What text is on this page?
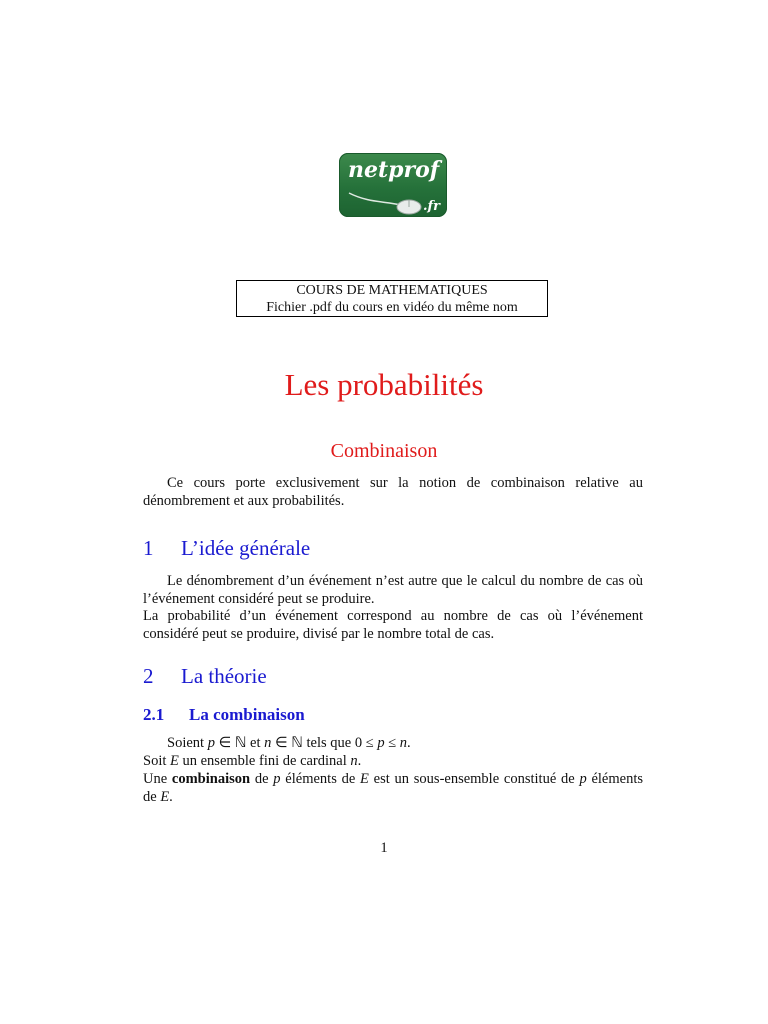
netprof
.fr
COURS DE MATHEMATIQUES
Fichier .pdf du cours en vidéo du même nom
Les probabilités
Combinaison
Ce cours porte exclusivement sur la notion de combinaison relative au dénombrement et aux probabilités.
1 L’idée générale
Le dénombrement d’un événement n’est autre que le calcul du nombre de cas où l’événement considéré peut se produire.
La probabilité d’un événement correspond au nombre de cas où l’événement considéré peut se produire, divisé par le nombre total de cas.
2 La théorie
2.1 La combinaison
Soient p ∈ ℕ et n ∈ ℕ tels que 0 ≤ p ≤ n.
Soit E un ensemble fini de cardinal n.
Une combinaison de p éléments de E est un sous-ensemble constitué de p éléments de E.
1
